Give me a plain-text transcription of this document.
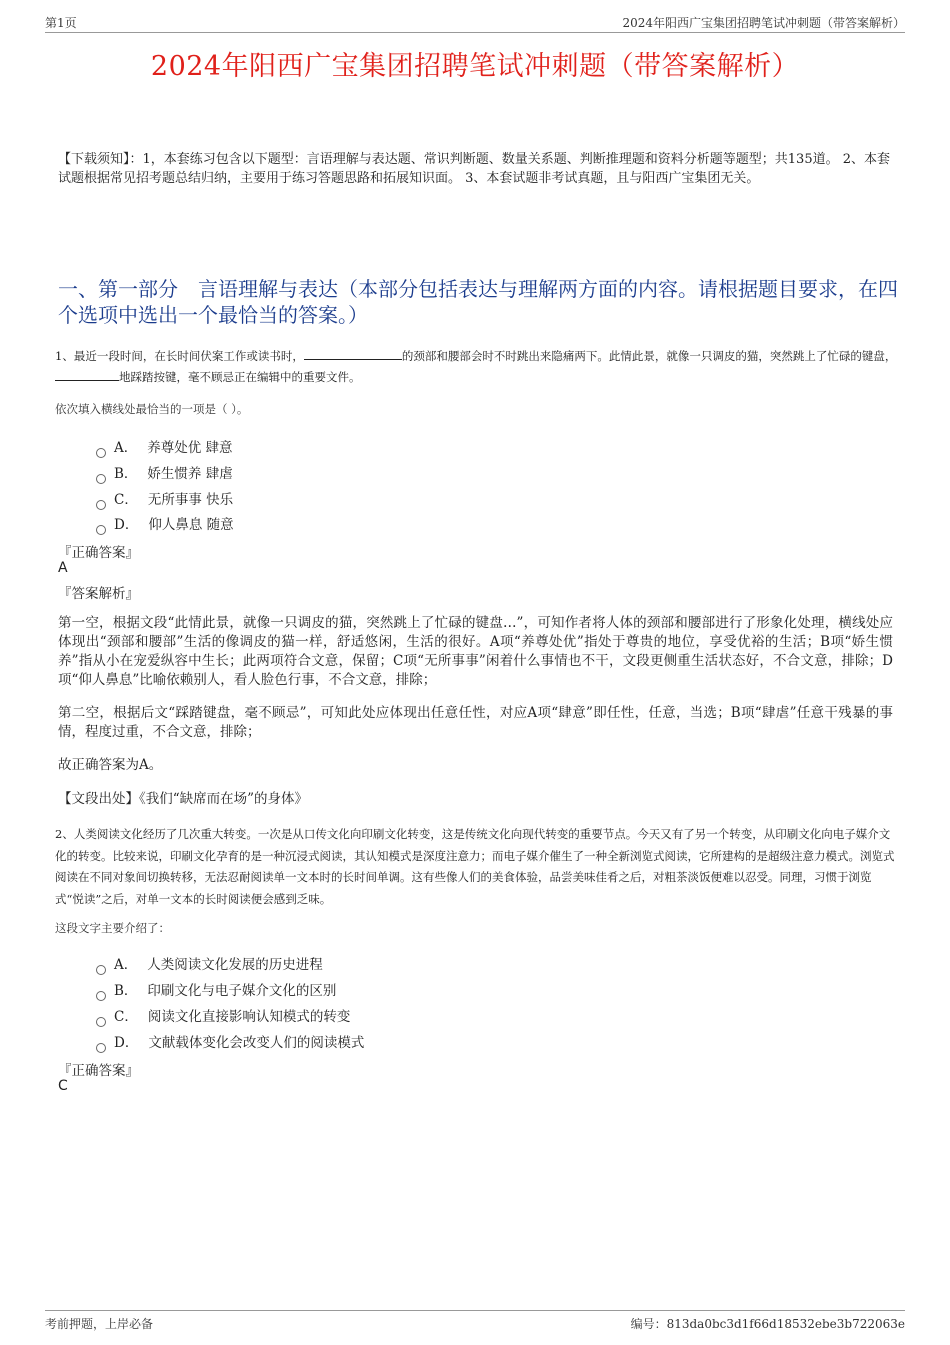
第1页	2024年阳西广宝集团招聘笔试冲刺题（带答案解析）
2024年阳西广宝集团招聘笔试冲刺题（带答案解析）
【下载须知】：1，本套练习包含以下题型：言语理解与表达题、常识判断题、数量关系题、判断推理题和资料分析题等题型；共135道。 2、本套试题根据常见招考题总结归纳，主要用于练习答题思路和拓展知识面。 3、本套试题非考试真题，且与阳西广宝集团无关。
一、第一部分　言语理解与表达（本部分包括表达与理解两方面的内容。请根据题目要求，在四个选项中选出一个最恰当的答案。）
1、最近一段时间，在长时间伏案工作或读书时，	的颈部和腰部会时不时跳出来隐痛两下。此情此景，就像一只调皮的猫，突然跳上了忙碌的键盘，地踩踏按键，毫不顾忌正在编辑中的重要文件。
依次填入横线处最恰当的一项是（ ）。
A． 养尊处优 肆意
B． 娇生惯养 肆虐
C． 无所事事 快乐
D． 仰人鼻息 随意
『正确答案』
A
『答案解析』
第一空，根据文段“此情此景，就像一只调皮的猫，突然跳上了忙碌的键盘…”，可知作者将人体的颈部和腰部进行了形象化处理，横线处应体现出“颈部和腰部”生活的像调皮的猫一样，舒适悠闲，生活的很好。A项“养尊处优”指处于尊贵的地位，享受优裕的生活；B项“娇生惯养”指从小在宠爱纵容中生长；此两项符合文意，保留；C项“无所事事”闲着什么事情也不干，文段更侧重生活状态好，不合文意，排除；D项“仰人鼻息”比喻依赖别人，看人脸色行事，不合文意，排除；
第二空，根据后文“踩踏键盘，毫不顾忌”，可知此处应体现出任意任性，对应A项“肆意”即任性，任意，当选；B项“肆虐”任意干残暴的事情，程度过重，不合文意，排除；
故正确答案为A。
【文段出处】《我们“缺席而在场”的身体》
2、人类阅读文化经历了几次重大转变。一次是从口传文化向印刷文化转变，这是传统文化向现代转变的重要节点。今天又有了另一个转变，从印刷文化向电子媒介文化的转变。比较来说，印刷文化孕育的是一种沉浸式阅读，其认知模式是深度注意力；而电子媒介催生了一种全新浏览式阅读，它所建构的是超级注意力模式。浏览式阅读在不同对象间切换转移，无法忍耐阅读单一文本时的长时间单调。这有些像人们的美食体验，品尝美味佳肴之后，对粗茶淡饭便难以忍受。同理，习惯于浏览式“悦读”之后，对单一文本的长时阅读便会感到乏味。
这段文字主要介绍了：
A． 人类阅读文化发展的历史进程
B． 印刷文化与电子媒介文化的区别
C． 阅读文化直接影响认知模式的转变
D． 文献载体变化会改变人们的阅读模式
『正确答案』
C
考前押题，上岸必备	编号：813da0bc3d1f66d18532ebe3b722063e
